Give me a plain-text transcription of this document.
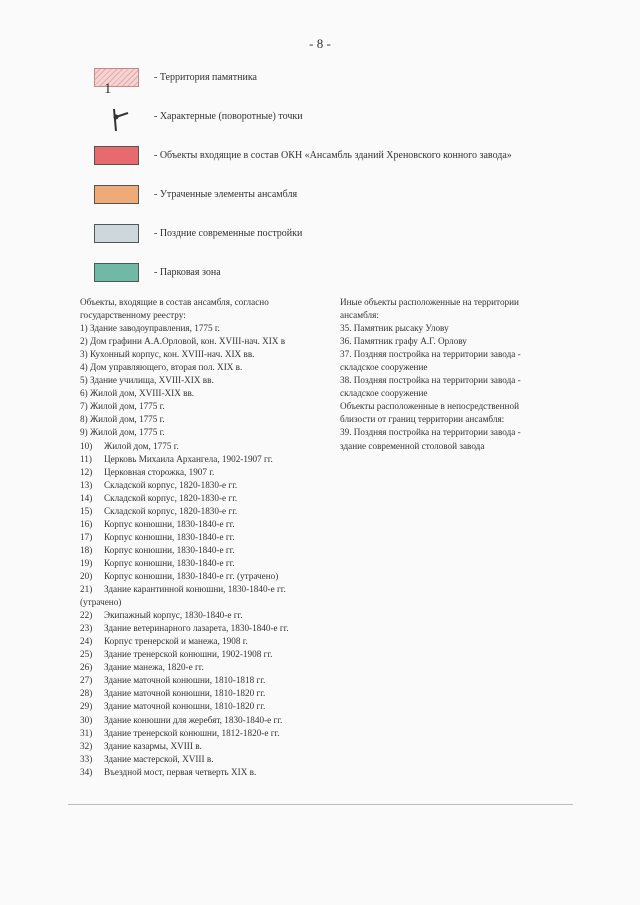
- 8 -
- Территория памятника
1
- Характерные (поворотные) точки
- Объекты входящие в состав ОКН «Ансамбль зданий Хреновского конного завода»
- Утраченные элементы ансамбля
- Поздние современные постройки
- Парковая зона
Объекты, входящие в состав ансамбля, согласно
государственному реестру:
1) Здание заводоуправления, 1775 г.
2) Дом графини А.А.Орловой, кон. XVIII-нач. XIX в
3) Кухонный корпус, кон. XVIII-нач. XIX вв.
4) Дом управляющего, вторая пол. XIX в.
5) Здание училища, XVIII-XIX вв.
6) Жилой дом, XVIII-XIX вв.
7) Жилой дом, 1775 г.
8) Жилой дом, 1775 г.
9) Жилой дом, 1775 г.
10) Жилой дом, 1775 г.
11) Церковь Михаила Архангела, 1902-1907 гг.
12) Церковная сторожка, 1907 г.
13) Складской корпус, 1820-1830-е гг.
14) Складской корпус, 1820-1830-е гг.
15) Складской корпус, 1820-1830-е гг.
16) Корпус конюшни, 1830-1840-е гг.
17) Корпус конюшни, 1830-1840-е гг.
18) Корпус конюшни, 1830-1840-е гг.
19) Корпус конюшни, 1830-1840-е гг.
20) Корпус конюшни, 1830-1840-е гг. (утрачено)
21) Здание карантинной конюшни, 1830-1840-е гг.
(утрачено)
22) Экипажный корпус, 1830-1840-е гг.
23) Здание ветеринарного лазарета, 1830-1840-е гг.
24) Корпус тренерской и манежа, 1908 г.
25) Здание тренерской конюшни, 1902-1908 гг.
26) Здание манежа, 1820-е гг.
27) Здание маточной конюшни, 1810-1818 гг.
28) Здание маточной конюшни, 1810-1820 гг.
29) Здание маточной конюшни, 1810-1820 гг.
30) Здание конюшни для жеребят, 1830-1840-е гг.
31) Здание тренерской конюшни, 1812-1820-е гг.
32) Здание казармы, XVIII в.
33) Здание мастерской, XVIII в.
34) Въездной мост, первая четверть XIX в.
Иные объекты расположенные на территории
ансамбля:
35. Памятник рысаку Улову
36. Памятник графу А.Г. Орлову
37. Поздняя постройка на территории завода -
складское сооружение
38. Поздняя постройка на территории завода -
складское сооружение
Объекты расположенные в непосредственной
близости от границ территории ансамбля:
39. Поздняя постройка на территории завода -
здание современной столовой завода
